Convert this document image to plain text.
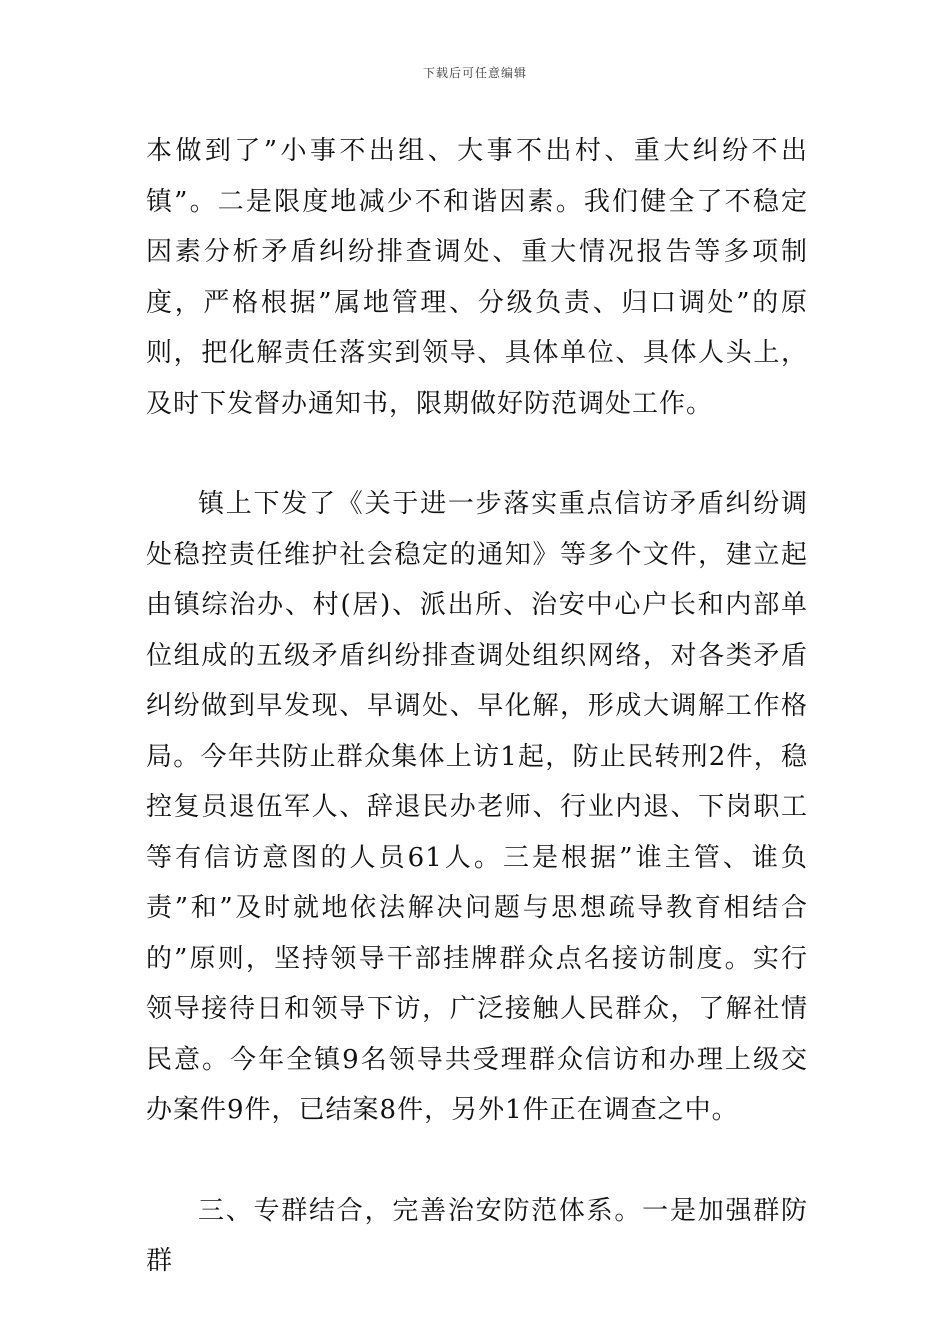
下载后可任意编辑

本做到了”小事不出组、大事不出村、重大纠纷不出镇”。二是限度地减少不和谐因素。我们健全了不稳定因素分析矛盾纠纷排查调处、重大情况报告等多项制度，严格根据”属地管理、分级负责、归口调处”的原则，把化解责任落实到领导、具体单位、具体人头上，及时下发督办通知书，限期做好防范调处工作。

镇上下发了《关于进一步落实重点信访矛盾纠纷调处稳控责任维护社会稳定的通知》等多个文件，建立起由镇综治办、村(居)、派出所、治安中心户长和内部单位组成的五级矛盾纠纷排查调处组织网络，对各类矛盾纠纷做到早发现、早调处、早化解，形成大调解工作格局。今年共防止群众集体上访1起，防止民转刑2件，稳控复员退伍军人、辞退民办老师、行业内退、下岗职工等有信访意图的人员61人。三是根据”谁主管、谁负责”和”及时就地依法解决问题与思想疏导教育相结合的”原则，坚持领导干部挂牌群众点名接访制度。实行领导接待日和领导下访，广泛接触人民群众，了解社情民意。今年全镇9名领导共受理群众信访和办理上级交办案件9件，已结案8件，另外1件正在调查之中。

三、专群结合，完善治安防范体系。一是加强群防群
